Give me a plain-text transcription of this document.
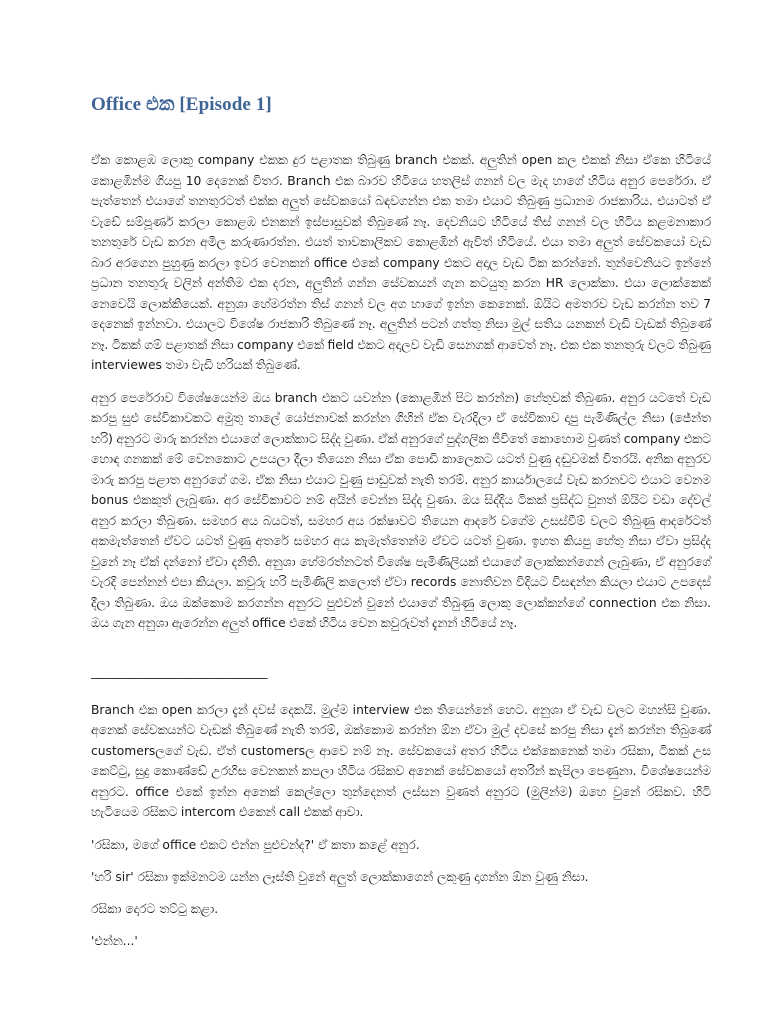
Office එක [Episode 1]

ඒක කොළඹ ලොකු company එකක දුර පළාතක තිබුණු branch එකක්. අලුතින් open කල එකක් නිසා ඒකෙ හිටියේ කොළඹින්ම ගියපු 10 දෙනෙක් විතර. Branch එක බාරව හිටියෙ හතලිස් ගනන් වල මැද හාගේ හිටිය අනුර පෙරේරා. ඒ පැත්තෙන් එයාගේ තනතුරටත් එක්ක අලුත් සේවකයෝ බඳවගන්න එක තමා එයාට තිබුණු ප්‍රධානම රාජකාරිය. එයාටත් ඒ වැඩේ සම්පූර්ණ කරලා කොළඹ එනකන් ඉස්පාසුවක් තිබුණේ නෑ. දෙවනියට හිටියේ තිස් ගනන් වල හිටිය කළමනාකාර තනතුරේ වැඩ කරන අමිල කරුණාරත්න. එයත් තාවකාලිකව කොළඹින් ඇවිත් හිටියේ. එයා තමා අලුත් සේවකයෝ වැඩ බාර අරගෙන පුහුණු කරලා ඉවර වෙනකන් office එකේ company එකට අදාල වැඩ ටික කරන්නේ. තුන්වෙනියට ඉන්නේ ප්‍රධාන තනතුරු වලින් අන්තිම එක දරන, අලුතින් ගන්න සේවකයන් ගැන කටයුතු කරන HR ලොක්කා. එයා ලොක්කෙක් නෙවෙයි ලොක්කියෙක්. අනුශා හේමරත්න තිස් ගනන් වල අග හාගේ ඉන්න කෙනෙක්. ඕයිට අමතරව වැඩ කරන්න තව 7 දෙනෙක් ඉන්නවා. එයාලට විශේෂ රාජකාරි තිබුණේ නෑ. අලුතින් පටන් ගත්තු නිසා මුල් සතිය යනකන් වැඩි වැඩක් තිබුණේ නෑ. ටිකක් ගම් පළාතක් නිසා company එකේ field එකට අදාලව වැඩි සෙනගක් ආවෙත් නෑ. එක එක තනතුරු වලට තිබුණු interviewes තමා වැඩි හරියක් තිබුණේ.

අනුර පෙරේරාව විශේෂයෙන්ම ඔය branch එකට යවන්න (කොළඹින් පිට කරන්න) හේතුවක් තිබුණා. අනුර යටතේ වැඩ කරපු සුළු සේවිකාවකට අමුතු තාලේ යෝජනාවක් කරන්න ගිහින් ඒක වැරදිලා ඒ සේවිකාව දාපු පැමිණිල්ල නිසා (ජේන්ත හරි) අනුරට මාරු කරන්න එයාගේ ලොක්කාට සිද්ද වුණා. ඒක් අනුරගේ පුද්ගලික ජීවිතේ කොහොම වුණත් company එකට හොඳ ගනකක් මේ වෙනකොට උපයලා දීලා තියෙන නිසා ඒක පොඩි කාලෙකට යටත් වුණු දඬුවමක් විතරයි. අනික අනුරව මාරු කරපු පළාත අනුරගේ ගම. ඒක නිසා එයාට වුණු පාඩුවක් නැති තරම්. අනුර කාර්යාලයේ වැඩ කරනවට එයාට වෙනම bonus එකකුත් ලැබුණා. අර සේවිකාවට නම් අයින් වෙන්න සිද්ද වුණා. ඔය සිද්දිය ටිකක් ප්‍රසිද්ධ වුනත් ඕයිට වඩා දේවල් අනුර කරලා තිබුණා. සමහර අය බයටත්, සමහර අය රක්ෂාවට තියෙන ආදරේ වගේම උසස්වීම් වලට තිබුණු ආදරේටත් අකමැත්තෙන් ඒවට යටත් වුණු අතරේ සමහර අය කැමැත්තෙන්ම ඒවට යටත් වුණා. ඉහත කියපු හේතු නිසා ඒවා ප්‍රසිද්ද වුනේ නෑ ඒක් දන්නෝ ඒවා දනිති. අනුශා හේමරත්නටත් විශේෂ පැමිණිලියක් එයාගේ ලොක්කන්ගෙන් ලැබුණා, ඒ අනුරගේ වැරදි පෙන්නන් එපා කියලා. කවුරු හරි පැමිණිලි කලොත් ඒවා records නොතිවන විදියට විසඳන්න කියලා එයාට උපදෙස් දීලා තිබුණා. ඔය ඔක්කොම කරගන්න අනුරට පුළුවන් වුනේ එයාගේ තිබුණු ලොකු ලොක්කන්ගේ connection එක නිසා. ඔය ගැන අනුශා ඇරෙන්න අලුත් office එකේ හිටිය වෙන කවුරුවත් දැනන් හිටියේ නෑ.

________________________________

Branch එක open කරලා දැන් දවස් දෙකයි. මුල්ම interview එක තියෙන්නේ හෙට. අනුශා ඒ වැඩ වලට මහන්සි වුණා. අනෙක් සේවකයන්ට වැඩක් තිබුණේ නැති තරම්, ඔක්කොම කරන්න ඕන ඒවා මුල් දවසේ කරපු නිසා දැන් කරන්න තිබුණේ customersලගේ වැඩ. ඒත් customersල ආවෙ නම් නෑ. සේවකයෝ අතර හිටිය එක්කෙනෙක් තමා රසිකා, ටිකක් උස කෙට්ටු, සුදු කොණ්ඩේ උරහිස වෙනකන් කපලා හිටිය රසිකව අනෙක් සේවකයෝ අතරින් කැපිලා පෙණුනා. විශේෂයෙන්ම අනුරට. office එකේ ඉන්න අනෙක් කෙල්ලො තුන්දෙනත් ලස්සන වුණත් අනුරට (මුලින්ම) ඔහෙ වුනේ රසිකව. හිටි හැටියෙම රසිකට intercom එකෙන් call එකක් ආවා.

'රසිකා, මගේ office එකට එන්න පුළුවන්ද?' ඒ කතා කළේ අනුර.

'හරි sir' රසිකා ඉක්මනටම යන්න ලෑස්ති වුනේ අලුත් ලොක්කාගෙන් ලකුණු දාගන්න ඕන වුණු නිසා.

රසිකා දොරට තට්ටු කළා.

'එන්න...'
